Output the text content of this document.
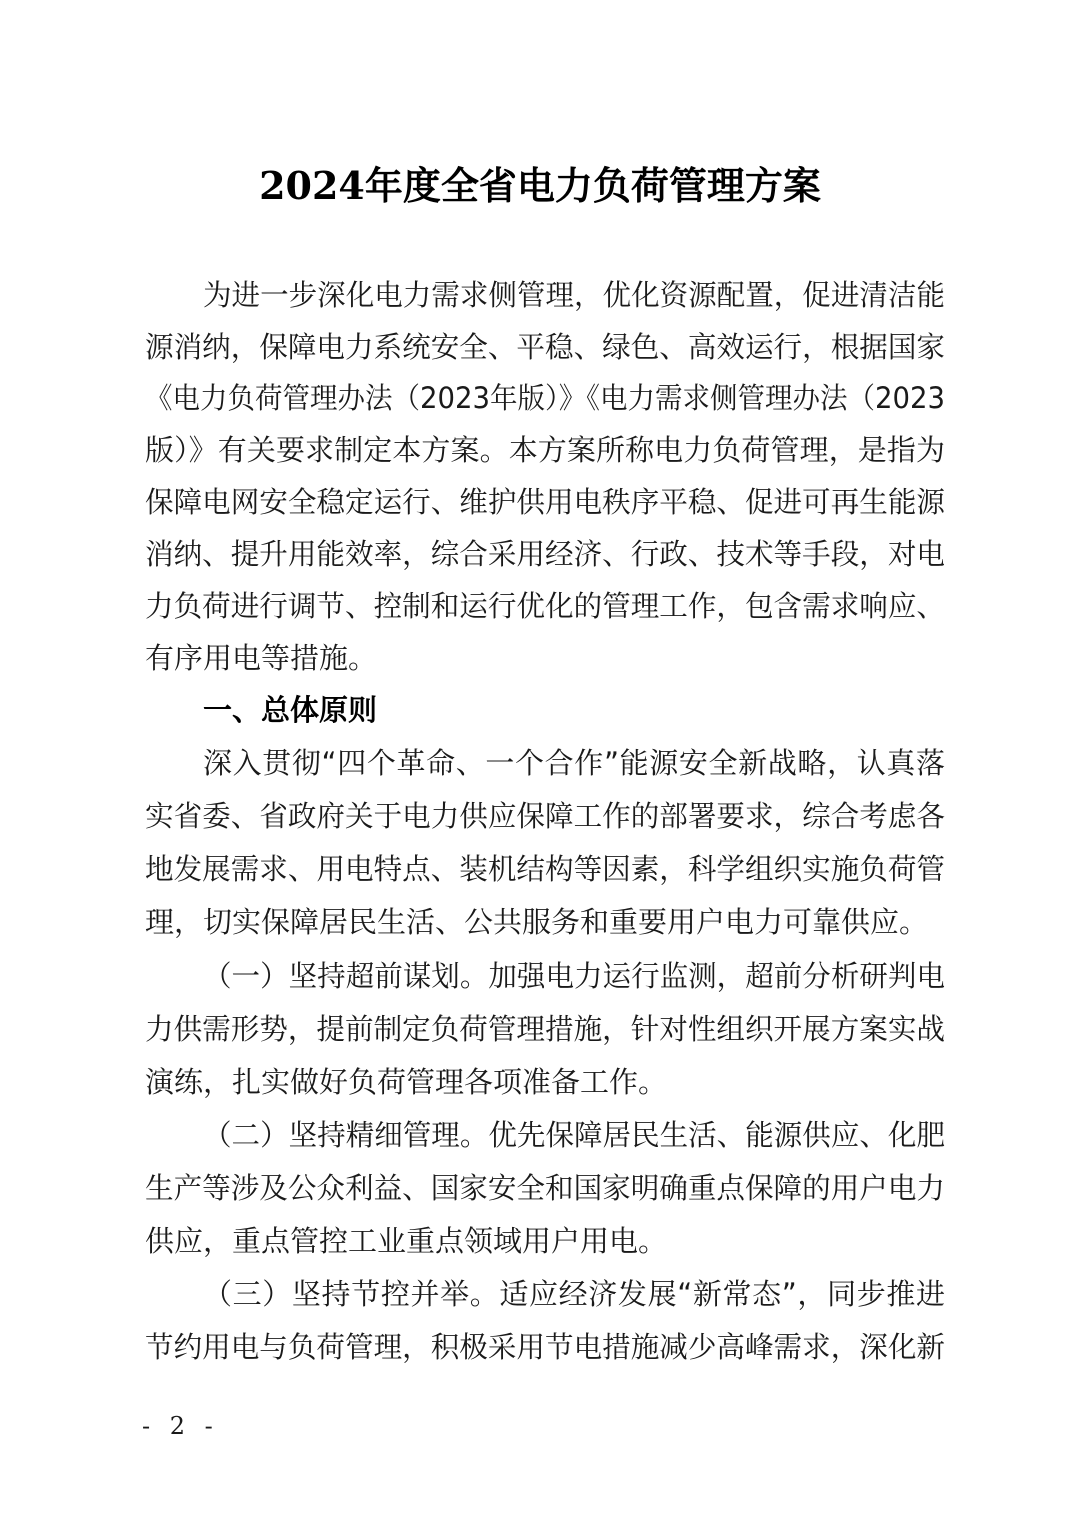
2024年度全省电力负荷管理方案
为进一步深化电力需求侧管理，优化资源配置，促进清洁能
源消纳，保障电力系统安全、平稳、绿色、高效运行，根据国家
《电力负荷管理办法（2023年版）》《电力需求侧管理办法（2023
版）》有关要求制定本方案。本方案所称电力负荷管理，是指为
保障电网安全稳定运行、维护供用电秩序平稳、促进可再生能源
消纳、提升用能效率，综合采用经济、行政、技术等手段，对电
力负荷进行调节、控制和运行优化的管理工作，包含需求响应、
有序用电等措施。
一、总体原则
深入贯彻“四个革命、一个合作”能源安全新战略，认真落
实省委、省政府关于电力供应保障工作的部署要求，综合考虑各
地发展需求、用电特点、装机结构等因素，科学组织实施负荷管
理，切实保障居民生活、公共服务和重要用户电力可靠供应。
（一）坚持超前谋划。加强电力运行监测，超前分析研判电
力供需形势，提前制定负荷管理措施，针对性组织开展方案实战
演练，扎实做好负荷管理各项准备工作。
（二）坚持精细管理。优先保障居民生活、能源供应、化肥
生产等涉及公众利益、国家安全和国家明确重点保障的用户电力
供应，重点管控工业重点领域用户用电。
（三）坚持节控并举。适应经济发展“新常态”，同步推进
节约用电与负荷管理，积极采用节电措施减少高峰需求，深化新
- 2 -
